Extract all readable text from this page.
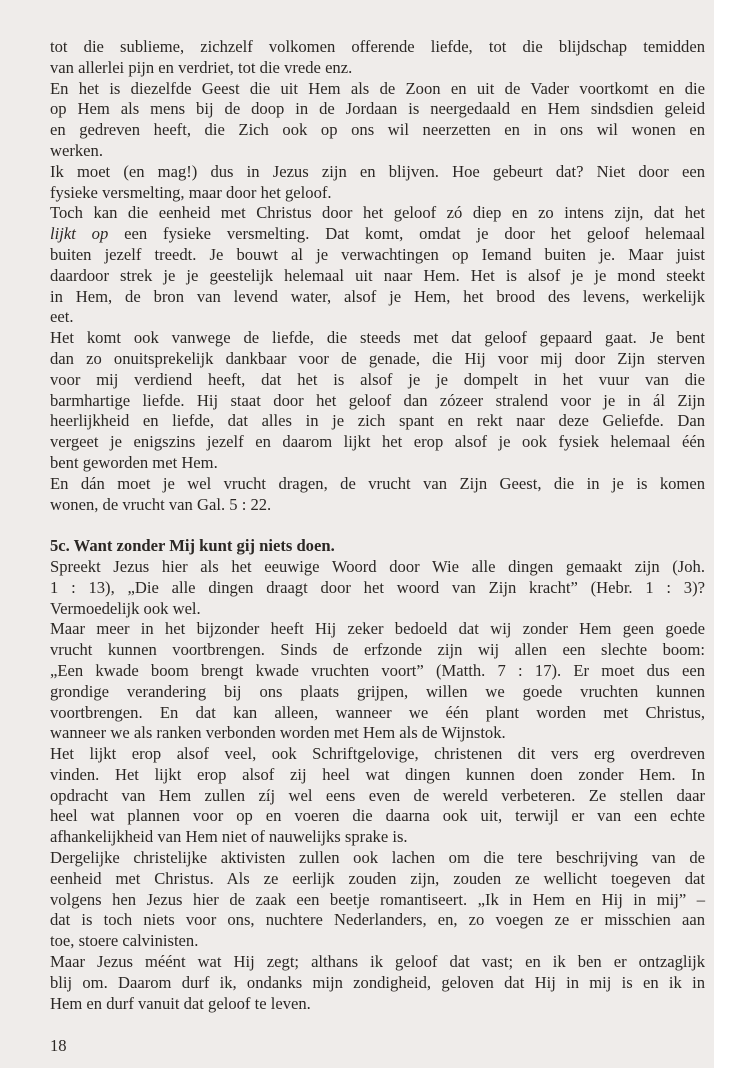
tot die sublieme, zichzelf volkomen offerende liefde, tot die blijdschap temidden
van allerlei pijn en verdriet, tot die vrede enz.
En het is diezelfde Geest die uit Hem als de Zoon en uit de Vader voortkomt en die
op Hem als mens bij de doop in de Jordaan is neergedaald en Hem sindsdien geleid
en gedreven heeft, die Zich ook op ons wil neerzetten en in ons wil wonen en
werken.
Ik moet (en mag!) dus in Jezus zijn en blijven. Hoe gebeurt dat? Niet door een
fysieke versmelting, maar door het geloof.
Toch kan die eenheid met Christus door het geloof zó diep en zo intens zijn, dat het
lijkt op een fysieke versmelting. Dat komt, omdat je door het geloof helemaal
buiten jezelf treedt. Je bouwt al je verwachtingen op Iemand buiten je. Maar juist
daardoor strek je je geestelijk helemaal uit naar Hem. Het is alsof je je mond steekt
in Hem, de bron van levend water, alsof je Hem, het brood des levens, werkelijk
eet.
Het komt ook vanwege de liefde, die steeds met dat geloof gepaard gaat. Je bent
dan zo onuitsprekelijk dankbaar voor de genade, die Hij voor mij door Zijn sterven
voor mij verdiend heeft, dat het is alsof je je dompelt in het vuur van die
barmhartige liefde. Hij staat door het geloof dan zózeer stralend voor je in ál Zijn
heerlijkheid en liefde, dat alles in je zich spant en rekt naar deze Geliefde. Dan
vergeet je enigszins jezelf en daarom lijkt het erop alsof je ook fysiek helemaal één
bent geworden met Hem.
En dán moet je wel vrucht dragen, de vrucht van Zijn Geest, die in je is komen
wonen, de vrucht van Gal. 5 : 22.
5c. Want zonder Mij kunt gij niets doen.
Spreekt Jezus hier als het eeuwige Woord door Wie alle dingen gemaakt zijn (Joh.
1 : 13), „Die alle dingen draagt door het woord van Zijn kracht” (Hebr. 1 : 3)?
Vermoedelijk ook wel.
Maar meer in het bijzonder heeft Hij zeker bedoeld dat wij zonder Hem geen goede
vrucht kunnen voortbrengen. Sinds de erfzonde zijn wij allen een slechte boom:
„Een kwade boom brengt kwade vruchten voort” (Matth. 7 : 17). Er moet dus een
grondige verandering bij ons plaats grijpen, willen we goede vruchten kunnen
voortbrengen. En dat kan alleen, wanneer we één plant worden met Christus,
wanneer we als ranken verbonden worden met Hem als de Wijnstok.
Het lijkt erop alsof veel, ook Schriftgelovige, christenen dit vers erg overdreven
vinden. Het lijkt erop alsof zij heel wat dingen kunnen doen zonder Hem. In
opdracht van Hem zullen zíj wel eens even de wereld verbeteren. Ze stellen daar
heel wat plannen voor op en voeren die daarna ook uit, terwijl er van een echte
afhankelijkheid van Hem niet of nauwelijks sprake is.
Dergelijke christelijke aktivisten zullen ook lachen om die tere beschrijving van de
eenheid met Christus. Als ze eerlijk zouden zijn, zouden ze wellicht toegeven dat
volgens hen Jezus hier de zaak een beetje romantiseert. „Ik in Hem en Hij in mij” –
dat is toch niets voor ons, nuchtere Nederlanders, en, zo voegen ze er misschien aan
toe, stoere calvinisten.
Maar Jezus méént wat Hij zegt; althans ik geloof dat vast; en ik ben er ontzaglijk
blij om. Daarom durf ik, ondanks mijn zondigheid, geloven dat Hij in mij is en ik in
Hem en durf vanuit dat geloof te leven.
18
